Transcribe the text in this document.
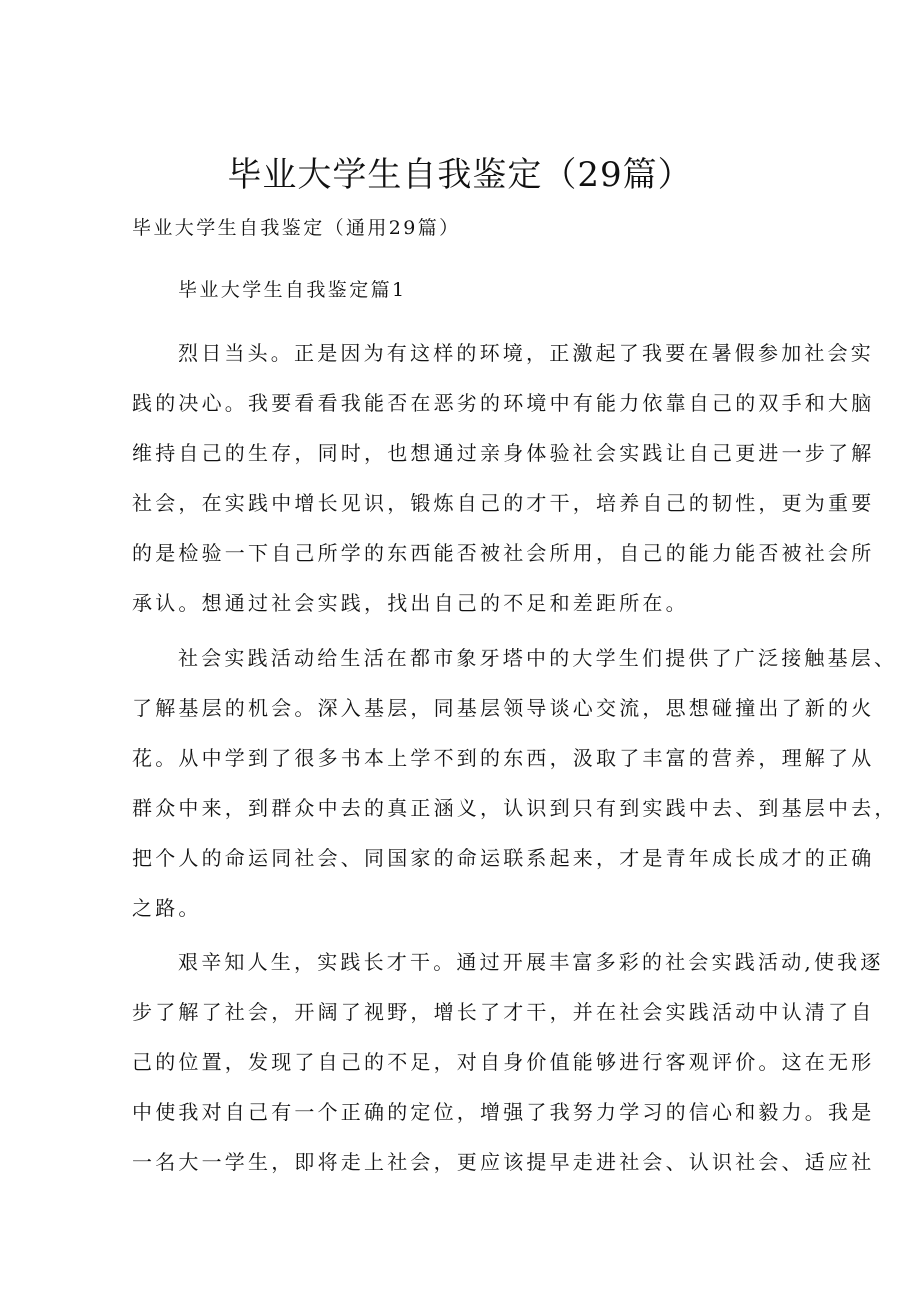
毕业大学生自我鉴定（29篇）

毕业大学生自我鉴定（通用29篇）

毕业大学生自我鉴定篇1

烈日当头。正是因为有这样的环境，正激起了我要在暑假参加社会实
践的决心。我要看看我能否在恶劣的环境中有能力依靠自己的双手和大脑
维持自己的生存，同时，也想通过亲身体验社会实践让自己更进一步了解
社会，在实践中增长见识，锻炼自己的才干，培养自己的韧性，更为重要
的是检验一下自己所学的东西能否被社会所用，自己的能力能否被社会所
承认。想通过社会实践，找出自己的不足和差距所在。
社会实践活动给生活在都市象牙塔中的大学生们提供了广泛接触基层、
了解基层的机会。深入基层，同基层领导谈心交流，思想碰撞出了新的火
花。从中学到了很多书本上学不到的东西，汲取了丰富的营养，理解了从
群众中来，到群众中去的真正涵义，认识到只有到实践中去、到基层中去，
把个人的命运同社会、同国家的命运联系起来，才是青年成长成才的正确
之路。
艰辛知人生，实践长才干。通过开展丰富多彩的社会实践活动,使我逐
步了解了社会，开阔了视野，增长了才干，并在社会实践活动中认清了自
己的位置，发现了自己的不足，对自身价值能够进行客观评价。这在无形
中使我对自己有一个正确的定位，增强了我努力学习的信心和毅力。我是
一名大一学生，即将走上社会，更应该提早走进社会、认识社会、适应社
